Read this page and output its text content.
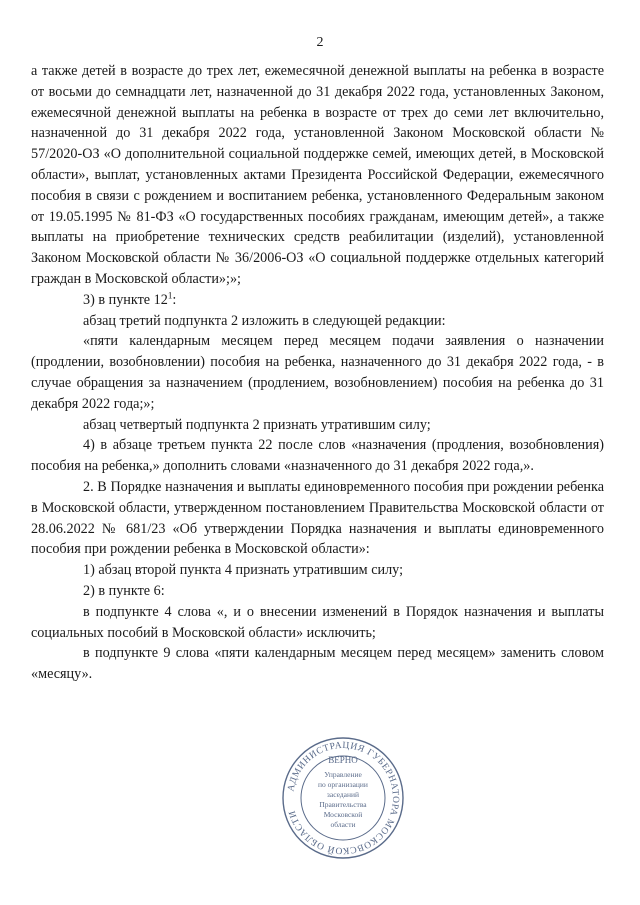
2

а также детей в возрасте до трех лет, ежемесячной денежной выплаты на ребенка в возрасте от восьми до семнадцати лет, назначенной до 31 декабря 2022 года, установленных Законом, ежемесячной денежной выплаты на ребенка в возрасте от трех до семи лет включительно, назначенной до 31 декабря 2022 года, установленной Законом Московской области № 57/2020-ОЗ «О дополнительной социальной поддержке семей, имеющих детей, в Московской области», выплат, установленных актами Президента Российской Федерации, ежемесячного пособия в связи с рождением и воспитанием ребенка, установленного Федеральным законом от 19.05.1995 № 81-ФЗ «О государственных пособиях гражданам, имеющим детей», а также выплаты на приобретение технических средств реабилитации (изделий), установленной Законом Московской области № 36/2006-ОЗ «О социальной поддержке отдельных категорий граждан в Московской области»;»;

3) в пункте $12^1$:

абзац третий подпункта 2 изложить в следующей редакции:

«пяти календарным месяцем перед месяцем подачи заявления о назначении (продлении, возобновлении) пособия на ребенка, назначенного до 31 декабря 2022 года, - в случае обращения за назначением (продлением, возобновлением) пособия на ребенка до 31 декабря 2022 года;»;

абзац четвертый подпункта 2 признать утратившим силу;

4) в абзаце третьем пункта 22 после слов «назначения (продления, возобновления) пособия на ребенка,» дополнить словами «назначенного до 31 декабря 2022 года,».

2. В Порядке назначения и выплаты единовременного пособия при рождении ребенка в Московской области, утвержденном постановлением Правительства Московской области от 28.06.2022 № 681/23 «Об утверждении Порядка назначения и выплаты единовременного пособия при рождении ребенка в Московской области»:

1) абзац второй пункта 4 признать утратившим силу;

2) в пункте 6:

в подпункте 4 слова «, и о внесении изменений в Порядок назначения и выплаты социальных пособий в Московской области» исключить;

в подпункте 9 слова «пяти календарным месяцем перед месяцем» заменить словом «месяцу».

АДМИНИСТРАЦИЯ ГУБЕРНАТОРА МОСКОВСКОЙ ОБЛАСТИ
ВЕРНО
Управление
по организации
заседаний
Правительства
Московской
области
